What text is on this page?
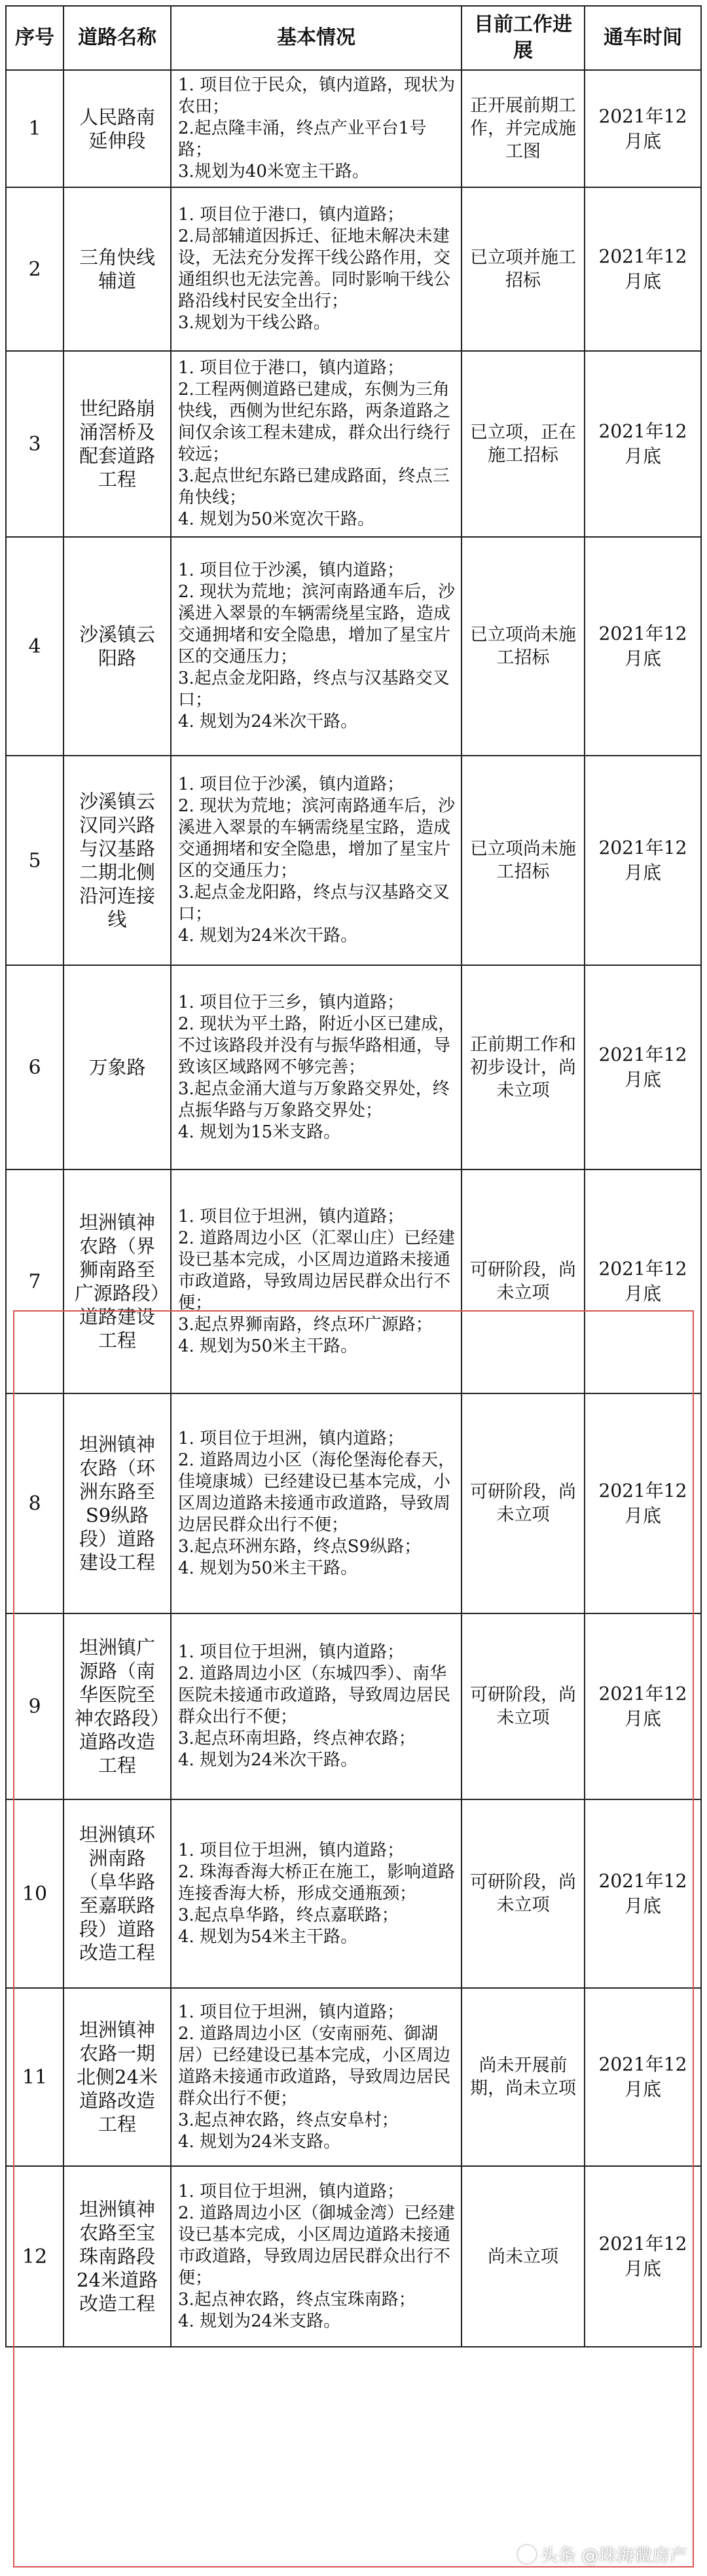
序号	道路名称	基本情况	目前工作进展	通车时间
1	人民路南延伸段	1. 项目位于民众，镇内道路，现状为农田；
2.起点隆丰涌，终点产业平台1号路；
3.规划为40米宽主干路。	正开展前期工作，并完成施工图	2021年12月底
2	三角快线辅道	1. 项目位于港口，镇内道路；
2.局部辅道因拆迁、征地未解决未建设，无法充分发挥干线公路作用，交通组织也无法完善。同时影响干线公路沿线村民安全出行；
3.规划为干线公路。	已立项并施工招标	2021年12月底
3	世纪路崩涌滘桥及配套道路工程	1. 项目位于港口，镇内道路；
2.工程两侧道路已建成，东侧为三角快线，西侧为世纪东路，两条道路之间仅余该工程未建成，群众出行绕行较远；
3.起点世纪东路已建成路面，终点三角快线；
4. 规划为50米宽次干路。	已立项，正在施工招标	2021年12月底
4	沙溪镇云阳路	1. 项目位于沙溪，镇内道路；
2. 现状为荒地；滨河南路通车后，沙溪进入翠景的车辆需绕星宝路，造成交通拥堵和安全隐患，增加了星宝片区的交通压力；
3.起点金龙阳路，终点与汉基路交叉口；
4. 规划为24米次干路。	已立项尚未施工招标	2021年12月底
5	沙溪镇云汉同兴路与汉基路二期北侧沿河连接线	1. 项目位于沙溪，镇内道路；
2. 现状为荒地；滨河南路通车后，沙溪进入翠景的车辆需绕星宝路，造成交通拥堵和安全隐患，增加了星宝片区的交通压力；
3.起点金龙阳路，终点与汉基路交叉口；
4. 规划为24米次干路。	已立项尚未施工招标	2021年12月底
6	万象路	1. 项目位于三乡，镇内道路；
2. 现状为平土路，附近小区已建成，不过该路段并没有与振华路相通，导致该区域路网不够完善；
3.起点金涌大道与万象路交界处，终点振华路与万象路交界处；
4. 规划为15米支路。	正前期工作和初步设计，尚未立项	2021年12月底
7	坦洲镇神农路（界狮南路至广源路段）道路建设工程	1. 项目位于坦洲，镇内道路；
2. 道路周边小区（汇翠山庄）已经建设已基本完成，小区周边道路未接通市政道路，导致周边居民群众出行不便；
3.起点界狮南路，终点环广源路；
4. 规划为50米主干路。	可研阶段，尚未立项	2021年12月底
8	坦洲镇神农路（环洲东路至S9纵路段）道路建设工程	1. 项目位于坦洲，镇内道路；
2. 道路周边小区（海伦堡海伦春天，佳境康城）已经建设已基本完成，小区周边道路未接通市政道路，导致周边居民群众出行不便；
3.起点环洲东路，终点S9纵路；
4. 规划为50米主干路。	可研阶段，尚未立项	2021年12月底
9	坦洲镇广源路（南华医院至神农路段）道路改造工程	1. 项目位于坦洲，镇内道路；
2. 道路周边小区（东城四季）、南华医院未接通市政道路，导致周边居民群众出行不便；
3.起点环南坦路，终点神农路；
4. 规划为24米次干路。	可研阶段，尚未立项	2021年12月底
10	坦洲镇环洲南路（阜华路至嘉联路段）道路改造工程	1. 项目位于坦洲，镇内道路；
2. 珠海香海大桥正在施工，影响道路连接香海大桥，形成交通瓶颈；
3.起点阜华路，终点嘉联路；
4. 规划为54米主干路。	可研阶段，尚未立项	2021年12月底
11	坦洲镇神农路一期北侧24米道路改造工程	1. 项目位于坦洲，镇内道路；
2. 道路周边小区（安南丽苑、御湖居）已经建设已基本完成，小区周边道路未接通市政道路，导致周边居民群众出行不便；
3.起点神农路，终点安阜村；
4. 规划为24米支路。	尚未开展前期，尚未立项	2021年12月底
12	坦洲镇神农路至宝珠南路段24米道路改造工程	1. 项目位于坦洲，镇内道路；
2. 道路周边小区（御城金湾）已经建设已基本完成，小区周边道路未接通市政道路，导致周边居民群众出行不便；
3.起点神农路，终点宝珠南路；
4. 规划为24米支路。	尚未立项	2021年12月底
头条 @珠海微房产
